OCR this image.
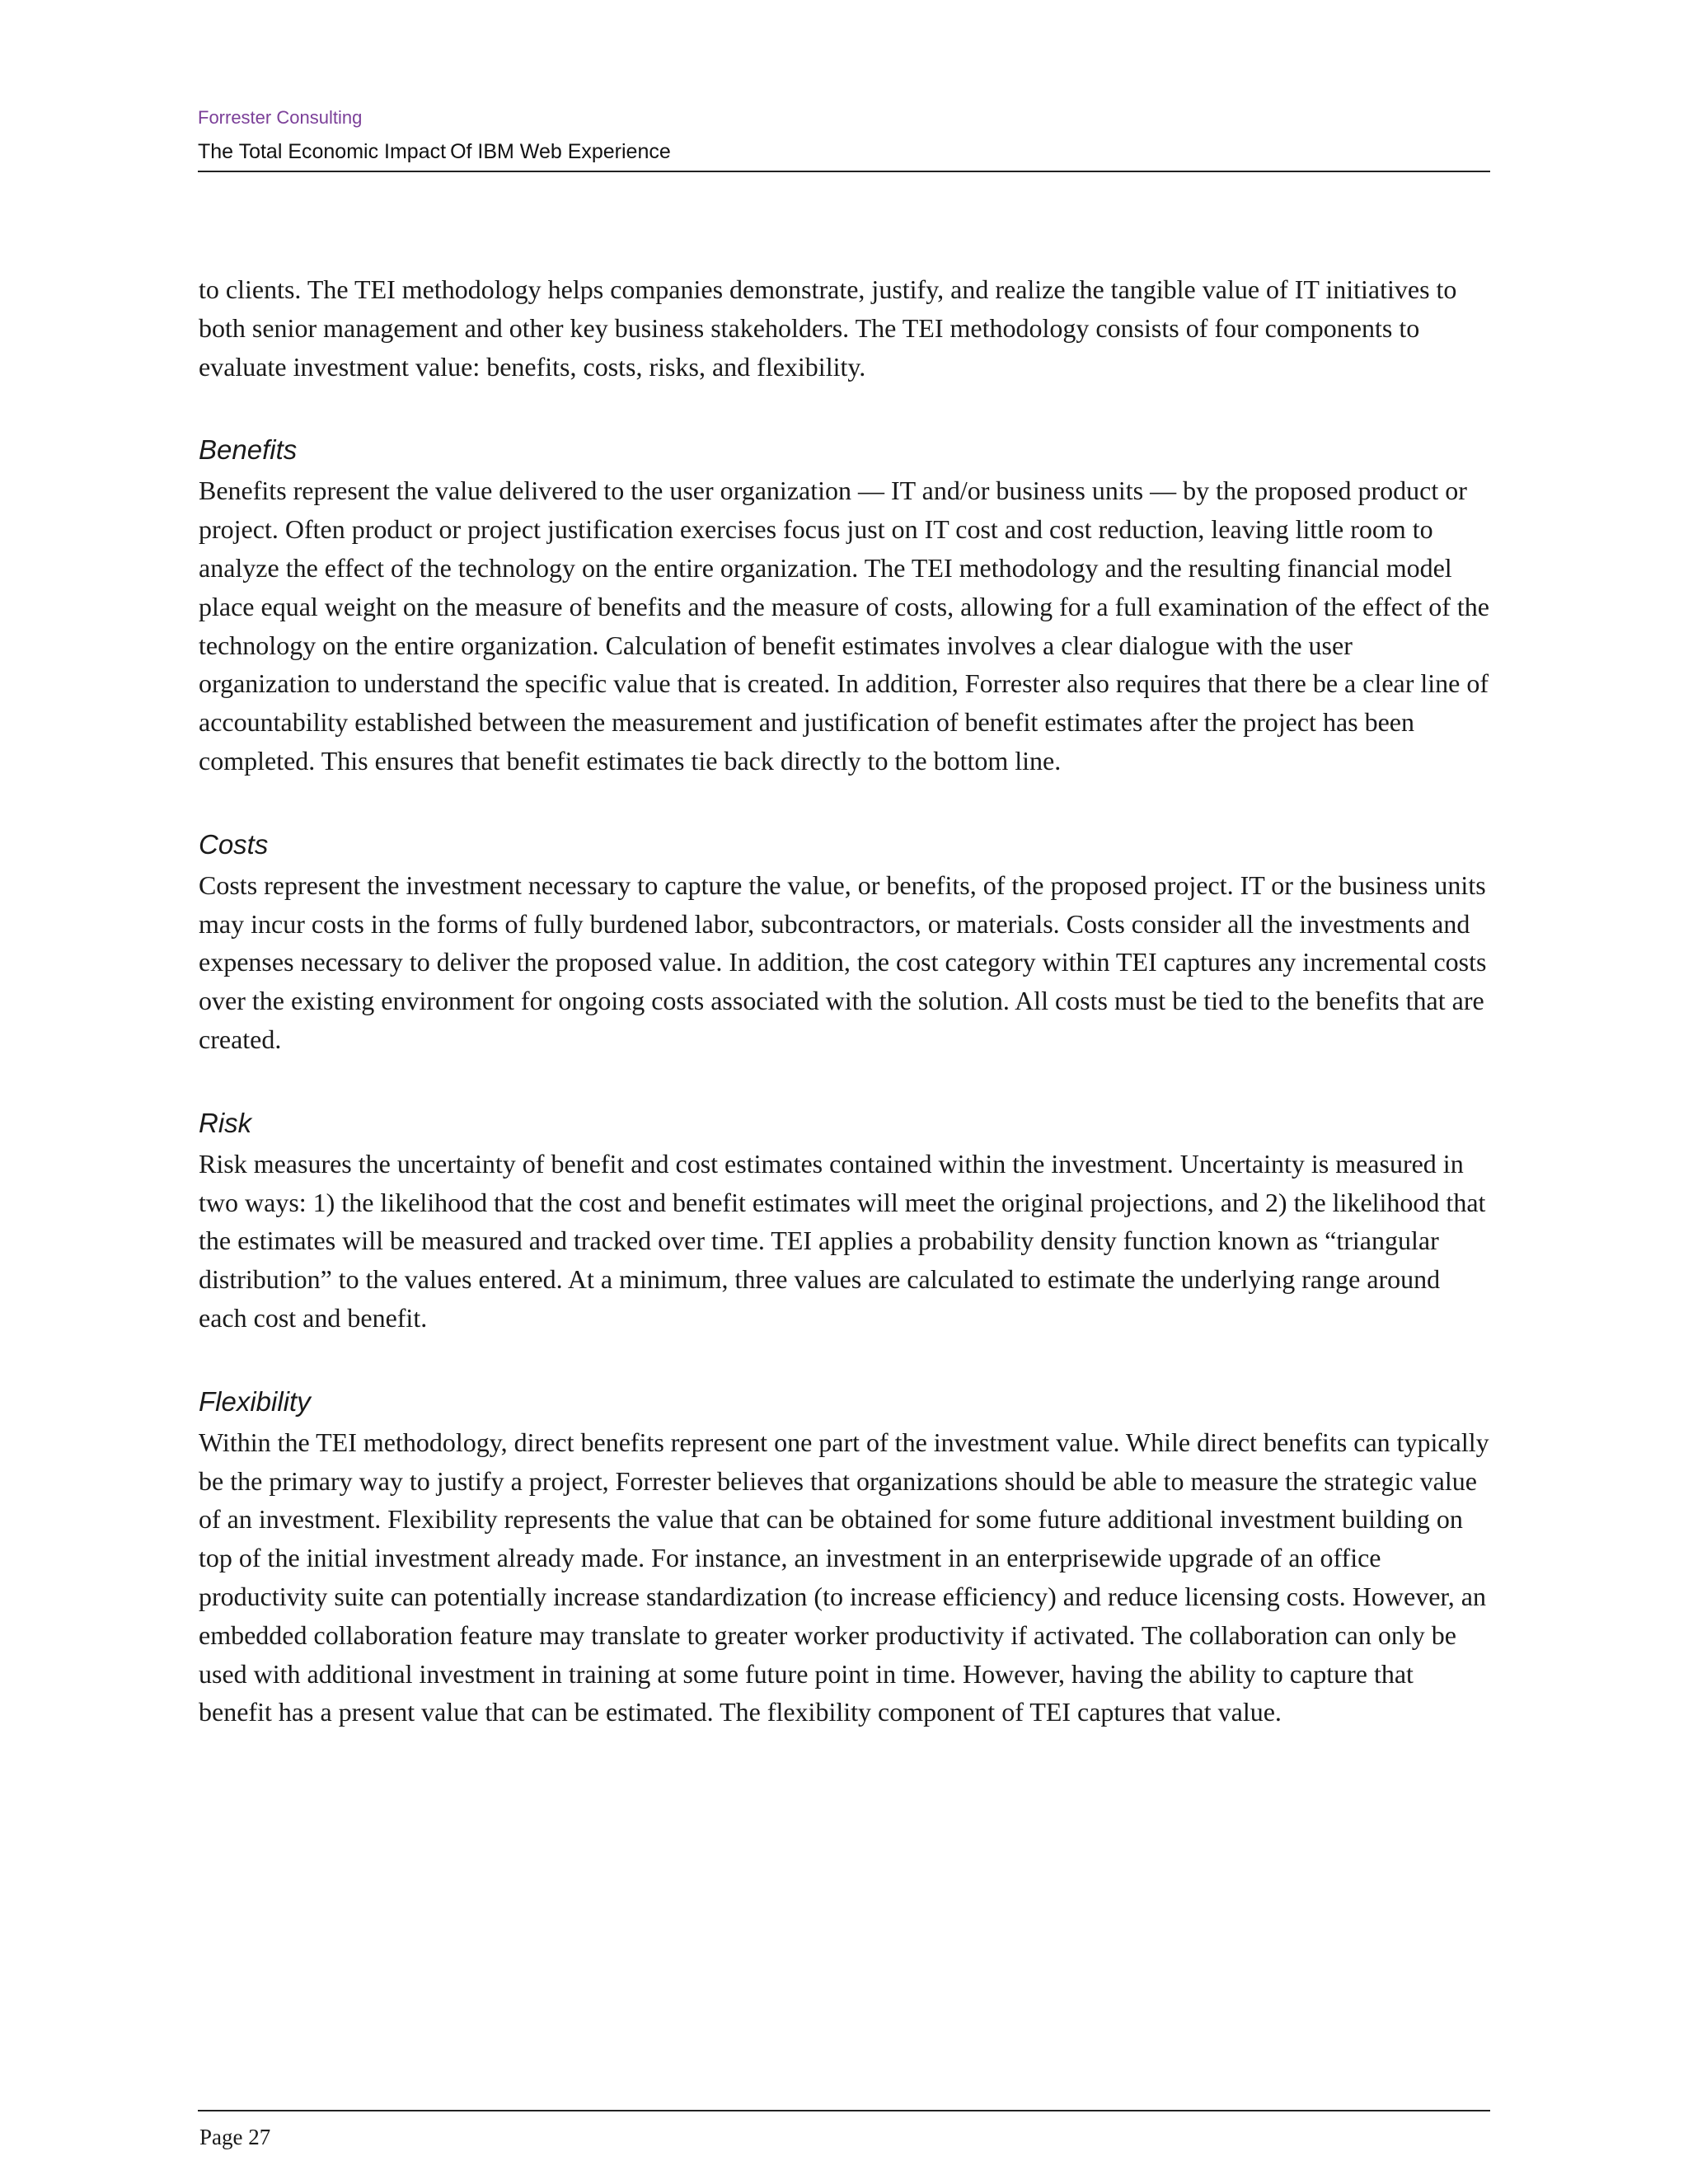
Forrester Consulting
The Total Economic Impact Of IBM Web Experience

to clients. The TEI methodology helps companies demonstrate, justify, and realize the tangible value of IT initiatives to both senior management and other key business stakeholders. The TEI methodology consists of four components to evaluate investment value: benefits, costs, risks, and flexibility.

Benefits

Benefits represent the value delivered to the user organization — IT and/or business units — by the proposed product or project. Often product or project justification exercises focus just on IT cost and cost reduction, leaving little room to analyze the effect of the technology on the entire organization. The TEI methodology and the resulting financial model place equal weight on the measure of benefits and the measure of costs, allowing for a full examination of the effect of the technology on the entire organization. Calculation of benefit estimates involves a clear dialogue with the user organization to understand the specific value that is created. In addition, Forrester also requires that there be a clear line of accountability established between the measurement and justification of benefit estimates after the project has been completed. This ensures that benefit estimates tie back directly to the bottom line.

Costs

Costs represent the investment necessary to capture the value, or benefits, of the proposed project. IT or the business units may incur costs in the forms of fully burdened labor, subcontractors, or materials. Costs consider all the investments and expenses necessary to deliver the proposed value. In addition, the cost category within TEI captures any incremental costs over the existing environment for ongoing costs associated with the solution. All costs must be tied to the benefits that are created.

Risk

Risk measures the uncertainty of benefit and cost estimates contained within the investment. Uncertainty is measured in two ways: 1) the likelihood that the cost and benefit estimates will meet the original projections, and 2) the likelihood that the estimates will be measured and tracked over time. TEI applies a probability density function known as “triangular distribution” to the values entered. At a minimum, three values are calculated to estimate the underlying range around each cost and benefit.

Flexibility

Within the TEI methodology, direct benefits represent one part of the investment value. While direct benefits can typically be the primary way to justify a project, Forrester believes that organizations should be able to measure the strategic value of an investment. Flexibility represents the value that can be obtained for some future additional investment building on top of the initial investment already made. For instance, an investment in an enterprisewide upgrade of an office productivity suite can potentially increase standardization (to increase efficiency) and reduce licensing costs. However, an embedded collaboration feature may translate to greater worker productivity if activated. The collaboration can only be used with additional investment in training at some future point in time. However, having the ability to capture that benefit has a present value that can be estimated. The flexibility component of TEI captures that value.

Page 27
